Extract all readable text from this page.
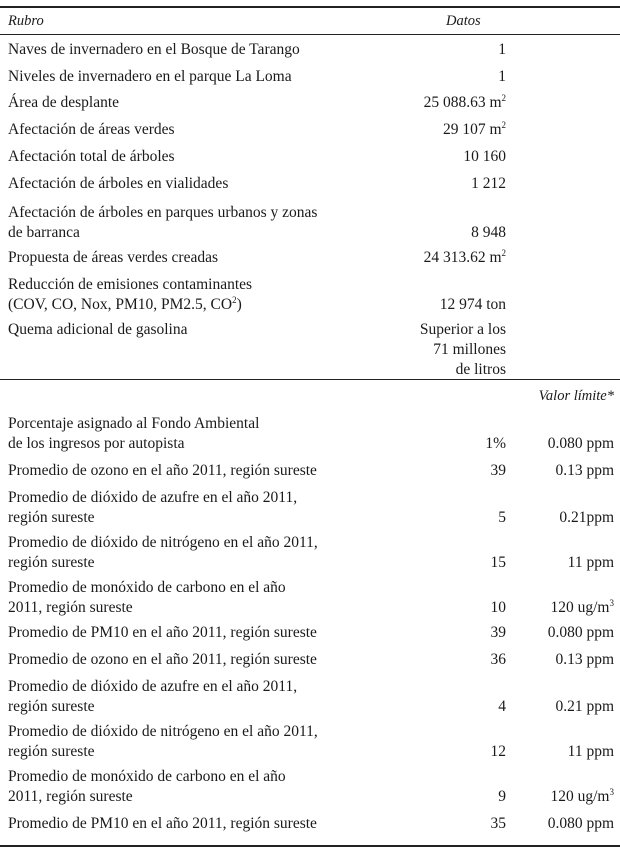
Rubro	Datos
Naves de invernadero en el Bosque de Tarango	1
Niveles de invernadero en el parque La Loma	1
Área de desplante	25 088.63 $m^2$
Afectación de áreas verdes	29 107 $m^2$
Afectación total de árboles	10 160
Afectación de árboles en vialidades	1 212
Afectación de árboles en parques urbanos y zonas
de barranca	8 948
Propuesta de áreas verdes creadas	24 313.62 $m^2$
Reducción de emisiones contaminantes
(COV, CO, Nox, PM10, PM2.5, $CO^2$)	12 974 ton
Quema adicional de gasolina	Superior a los
71 millones
de litros
Valor límite*
Porcentaje asignado al Fondo Ambiental
de los ingresos por autopista	1%	0.080 ppm
Promedio de ozono en el año 2011, región sureste	39	0.13 ppm
Promedio de dióxido de azufre en el año 2011,
región sureste	5	0.21ppm
Promedio de dióxido de nitrógeno en el año 2011,
región sureste	15	11 ppm
Promedio de monóxido de carbono en el año
2011, región sureste	10	120 $ug/m^3$
Promedio de PM10 en el año 2011, región sureste	39	0.080 ppm
Promedio de ozono en el año 2011, región sureste	36	0.13 ppm
Promedio de dióxido de azufre en el año 2011,
región sureste	4	0.21 ppm
Promedio de dióxido de nitrógeno en el año 2011,
región sureste	12	11 ppm
Promedio de monóxido de carbono en el año
2011, región sureste	9	120 $ug/m^3$
Promedio de PM10 en el año 2011, región sureste	35	0.080 ppm
